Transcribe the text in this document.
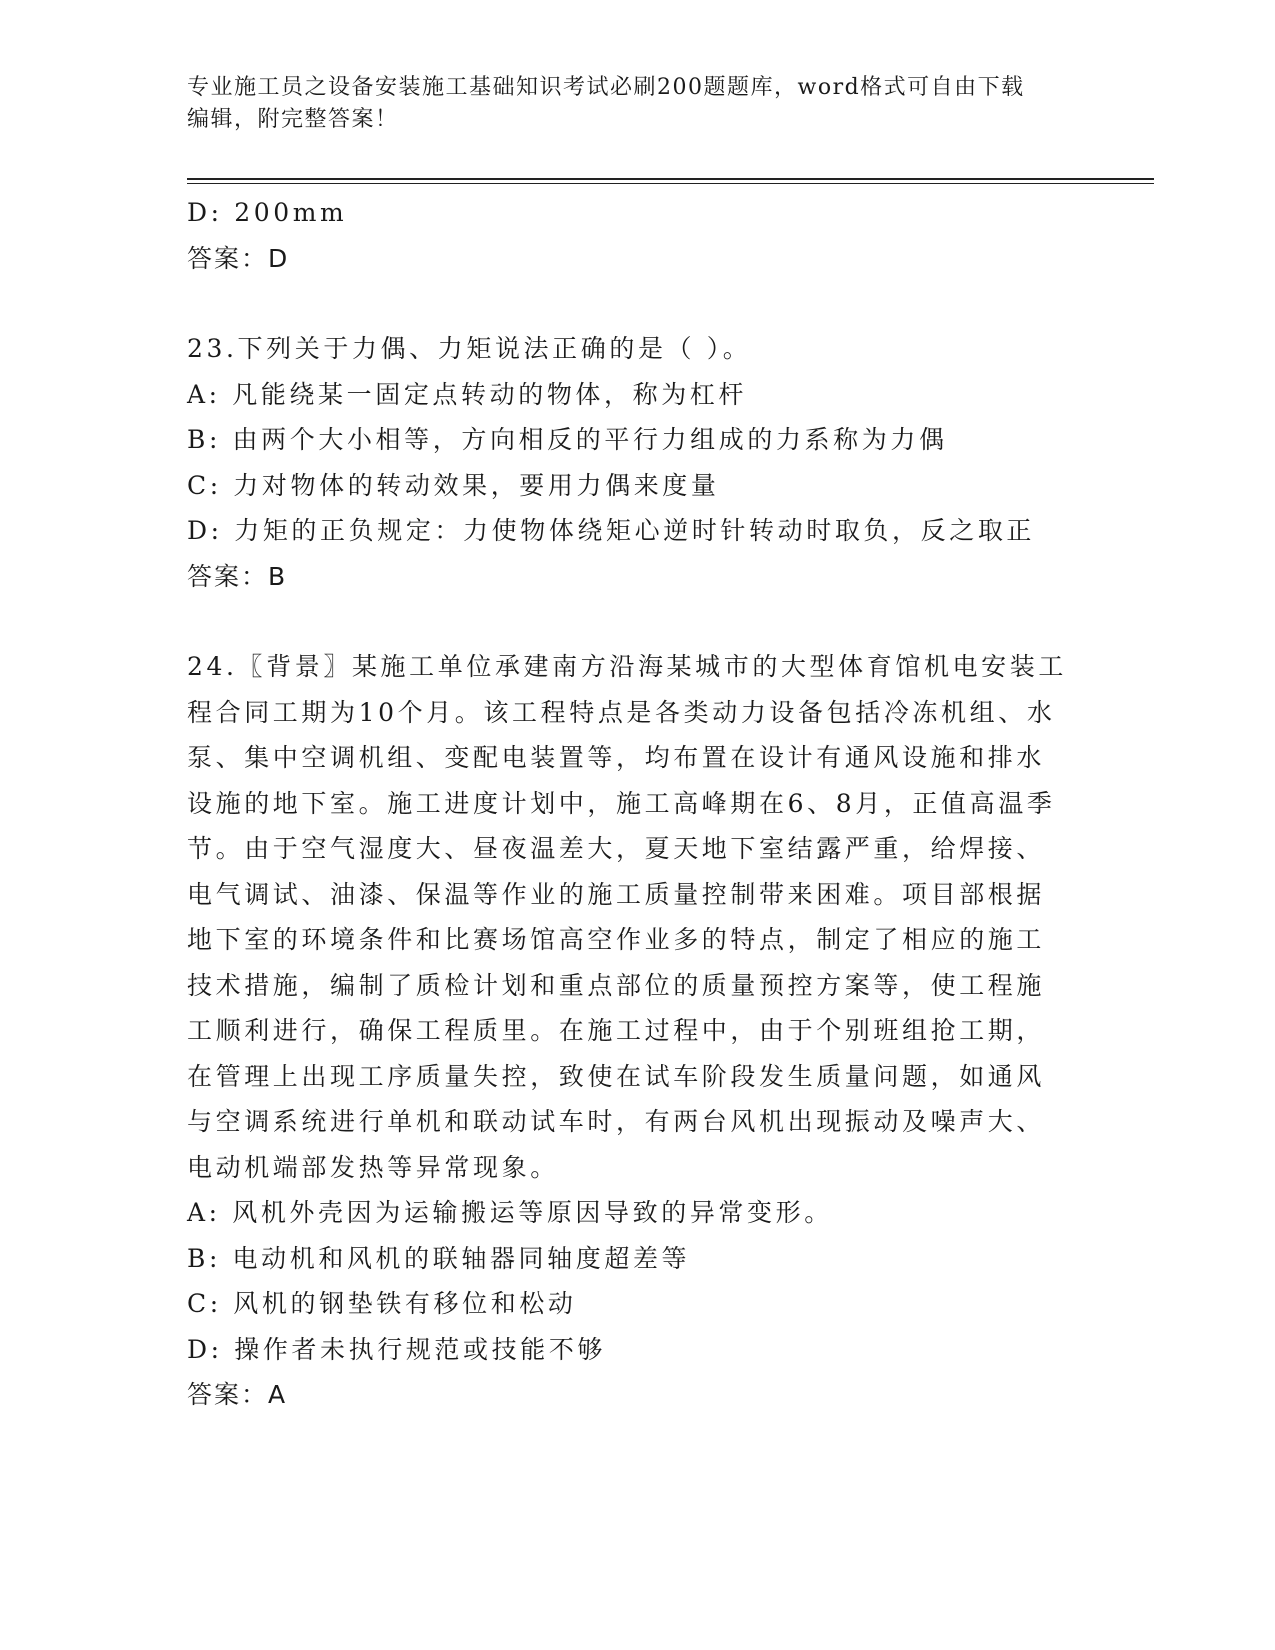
专业施工员之设备安装施工基础知识考试必刷200题题库，word格式可自由下载
编辑，附完整答案！
D: 200mm
答案：D
23.下列关于力偶、力矩说法正确的是（ ）。
A: 凡能绕某一固定点转动的物体，称为杠杆
B: 由两个大小相等，方向相反的平行力组成的力系称为力偶
C: 力对物体的转动效果，要用力偶来度量
D: 力矩的正负规定：力使物体绕矩心逆时针转动时取负，反之取正
答案：B
24.〖背景〗某施工单位承建南方沿海某城市的大型体育馆机电安装工
程合同工期为10个月。该工程特点是各类动力设备包括冷冻机组、水
泵、集中空调机组、变配电装置等，均布置在设计有通风设施和排水
设施的地下室。施工进度计划中，施工高峰期在6、8月，正值高温季
节。由于空气湿度大、昼夜温差大，夏天地下室结露严重，给焊接、
电气调试、油漆、保温等作业的施工质量控制带来困难。项目部根据
地下室的环境条件和比赛场馆高空作业多的特点，制定了相应的施工
技术措施，编制了质检计划和重点部位的质量预控方案等，使工程施
工顺利进行，确保工程质里。在施工过程中，由于个别班组抢工期，
在管理上出现工序质量失控，致使在试车阶段发生质量问题，如通风
与空调系统进行单机和联动试车时，有两台风机出现振动及噪声大、
电动机端部发热等异常现象。
A: 风机外壳因为运输搬运等原因导致的异常变形。
B: 电动机和风机的联轴器同轴度超差等
C: 风机的钢垫铁有移位和松动
D: 操作者未执行规范或技能不够
答案：A
